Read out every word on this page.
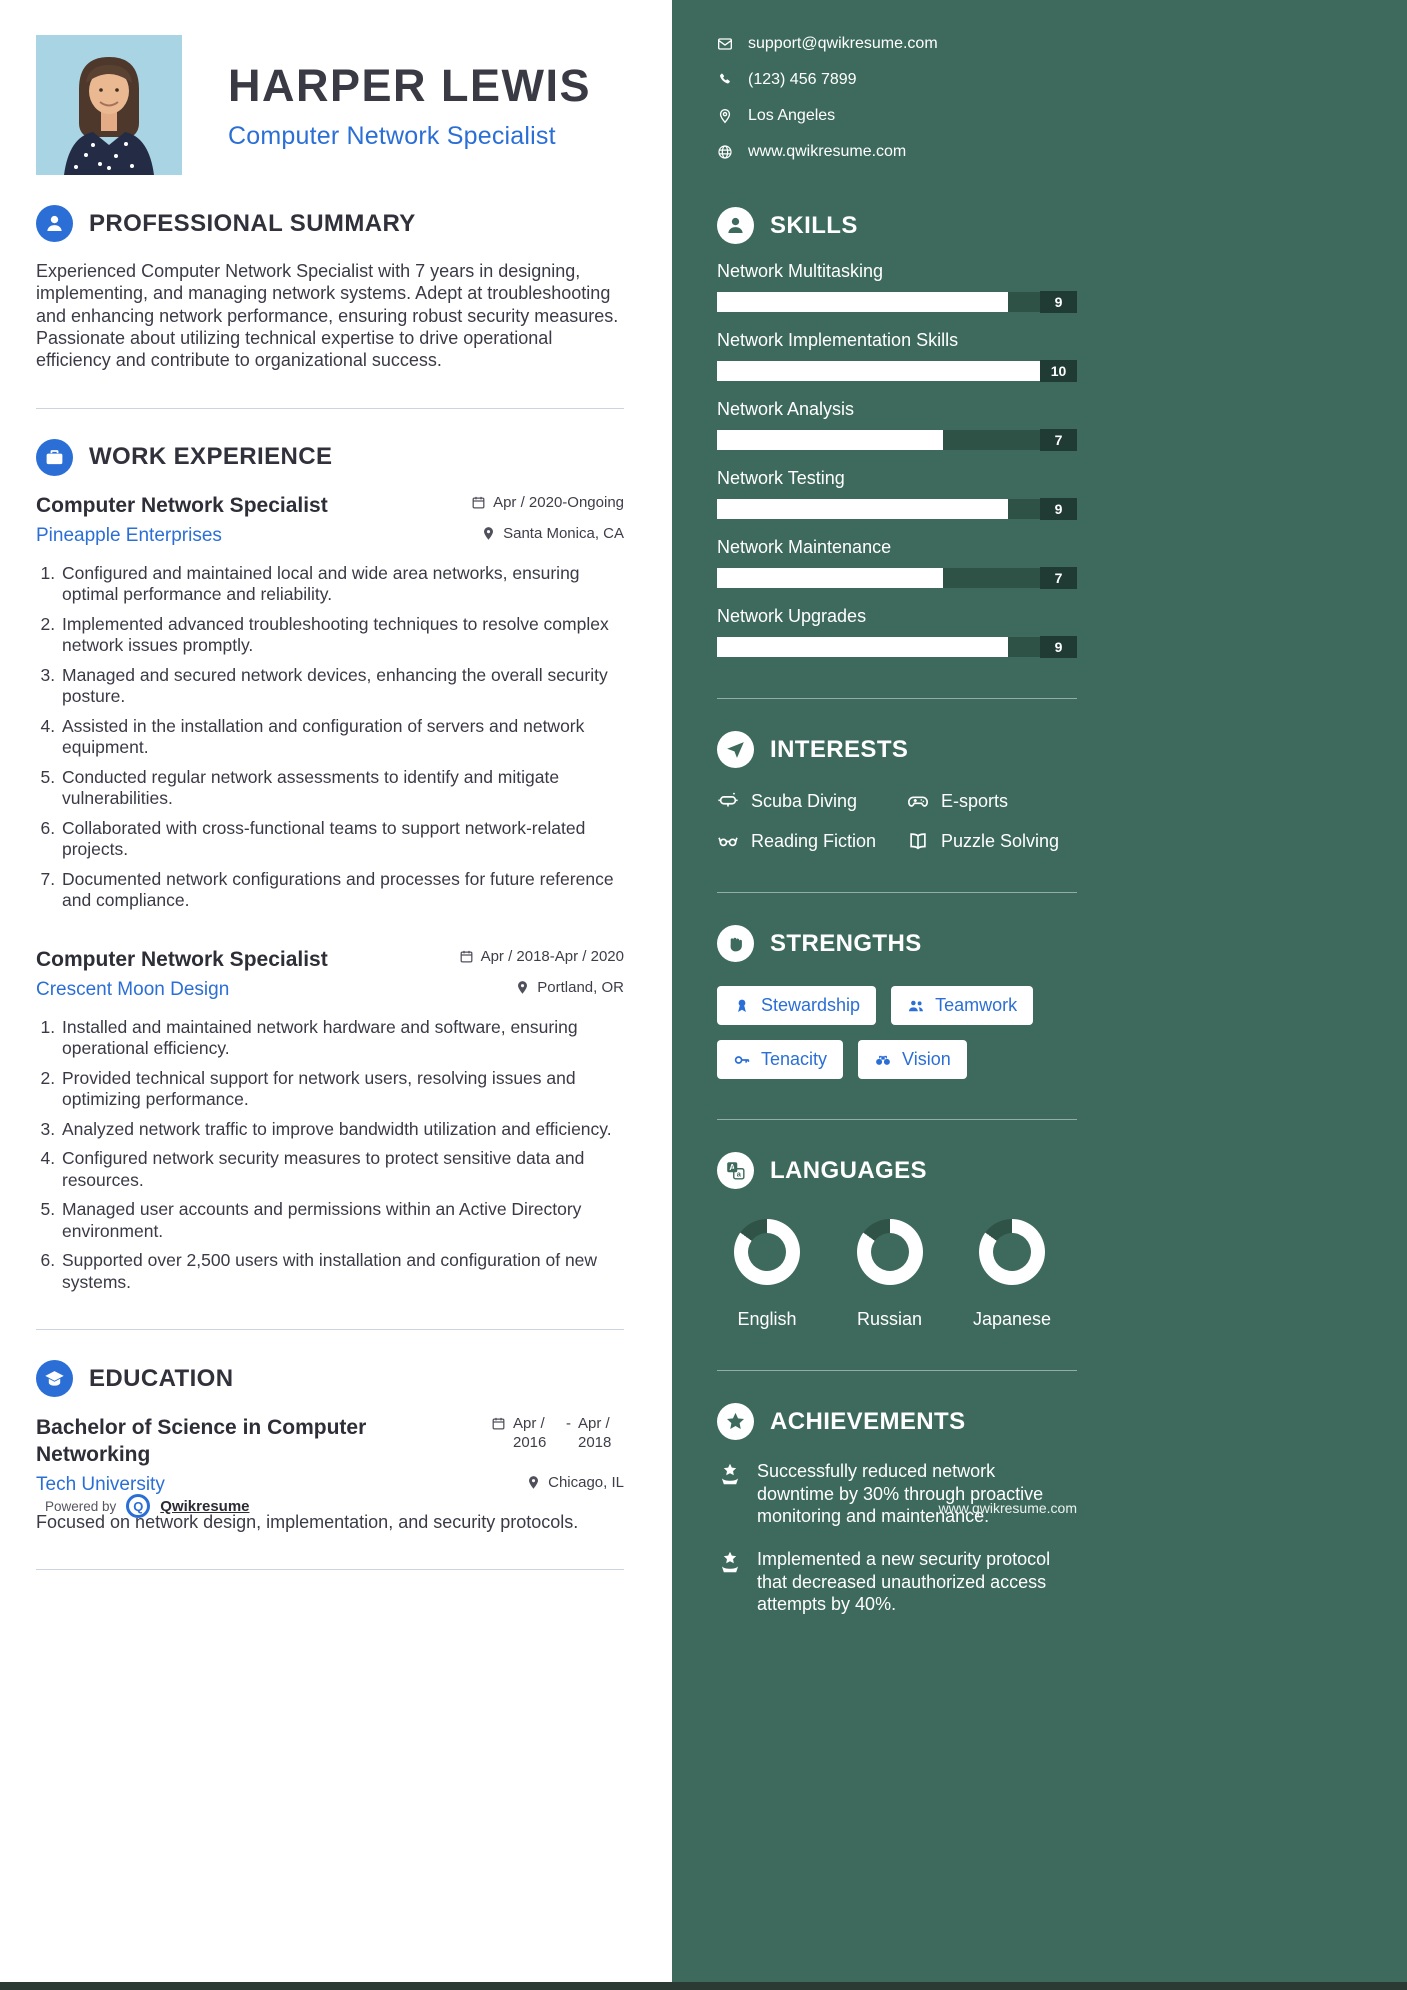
HARPER LEWIS
Computer Network Specialist
PROFESSIONAL SUMMARY

Experienced Computer Network Specialist with 7 years in designing, implementing, and managing network systems. Adept at troubleshooting and enhancing network performance, ensuring robust security measures. Passionate about utilizing technical expertise to drive operational efficiency and contribute to organizational success.

WORK EXPERIENCE
Computer Network Specialist	Apr / 2020-Ongoing
Pineapple Enterprises	Santa Monica, CA
1. Configured and maintained local and wide area networks, ensuring optimal performance and reliability.
2. Implemented advanced troubleshooting techniques to resolve complex network issues promptly.
3. Managed and secured network devices, enhancing the overall security posture.
4. Assisted in the installation and configuration of servers and network equipment.
5. Conducted regular network assessments to identify and mitigate vulnerabilities.
6. Collaborated with cross-functional teams to support network-related projects.
7. Documented network configurations and processes for future reference and compliance.
Computer Network Specialist	Apr / 2018-Apr / 2020
Crescent Moon Design	Portland, OR
1. Installed and maintained network hardware and software, ensuring operational efficiency.
2. Provided technical support for network users, resolving issues and optimizing performance.
3. Analyzed network traffic to improve bandwidth utilization and efficiency.
4. Configured network security measures to protect sensitive data and resources.
5. Managed user accounts and permissions within an Active Directory environment.
6. Supported over 2,500 users with installation and configuration of new systems.
EDUCATION
Bachelor of Science in Computer Networking
Apr / 2016
- Apr / 2018
Tech University	Chicago, IL

Focused on network design, implementation, and security protocols.

Powered by	Q	Qwikresume
support@qwikresume.com
(123) 456 7899
Los Angeles
www.qwikresume.com
SKILLS
Network Multitasking
9
Network Implementation Skills
10
Network Analysis
7
Network Testing
9
Network Maintenance
7
Network Upgrades
9
INTERESTS
Scuba Diving	E-sports
Reading Fiction	Puzzle Solving
STRENGTHS
Stewardship	Teamwork
Tenacity	Vision
A
a LANGUAGES
English	Russian	Japanese
ACHIEVEMENTS
Successfully reduced network downtime by 30% through proactive monitoring and maintenance.
Implemented a new security protocol that decreased unauthorized access attempts by 40%.
www.qwikresume.com
